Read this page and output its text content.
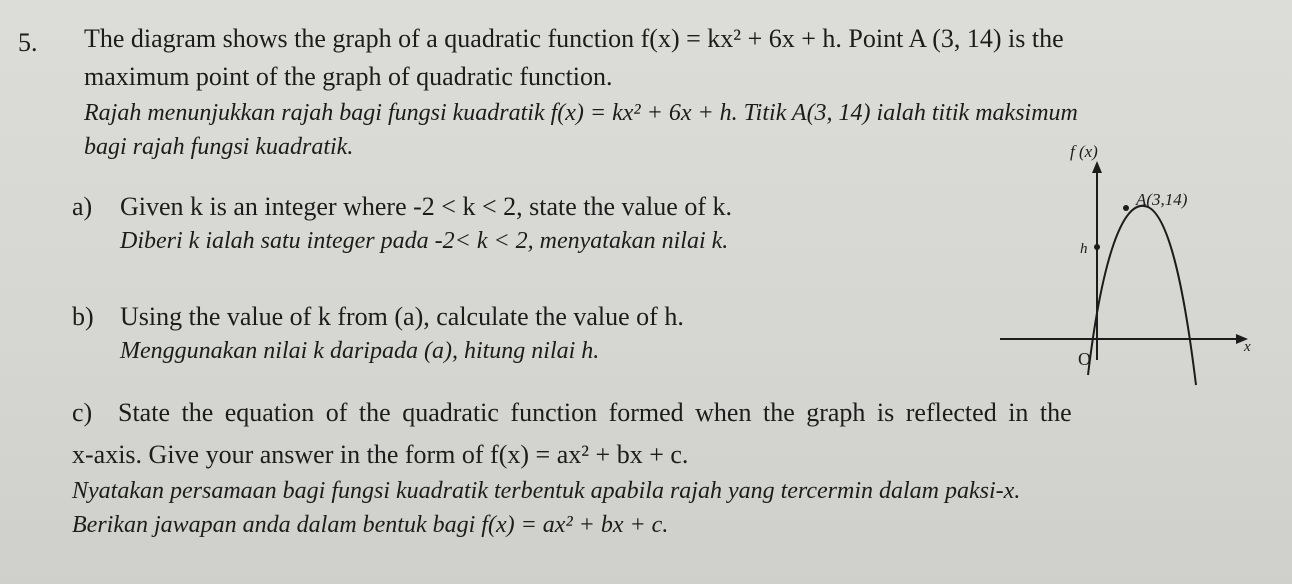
5. The diagram shows the graph of a quadratic function f(x) = kx² + 6x + h. Point A (3, 14) is the
maximum point of the graph of quadratic function.
Rajah menunjukkan rajah bagi fungsi kuadratik f(x) = kx² + 6x + h. Titik A(3, 14) ialah titik maksimum
bagi rajah fungsi kuadratik.
a) Given k is an integer where -2 < k < 2, state the value of k.
Diberi k ialah satu integer pada -2< k < 2, menyatakan nilai k.
b) Using the value of k from (a), calculate the value of h.
Menggunakan nilai k daripada (a), hitung nilai h.
c) State the equation of the quadratic function formed when the graph is reflected in the
x-axis. Give your answer in the form of f(x) = ax² + bx + c.
Nyatakan persamaan bagi fungsi kuadratik terbentuk apabila rajah yang tercermin dalam paksi-x.
Berikan jawapan anda dalam bentuk bagi f(x) = ax² + bx + c.
f (x)
A(3,14)
h
O
x
